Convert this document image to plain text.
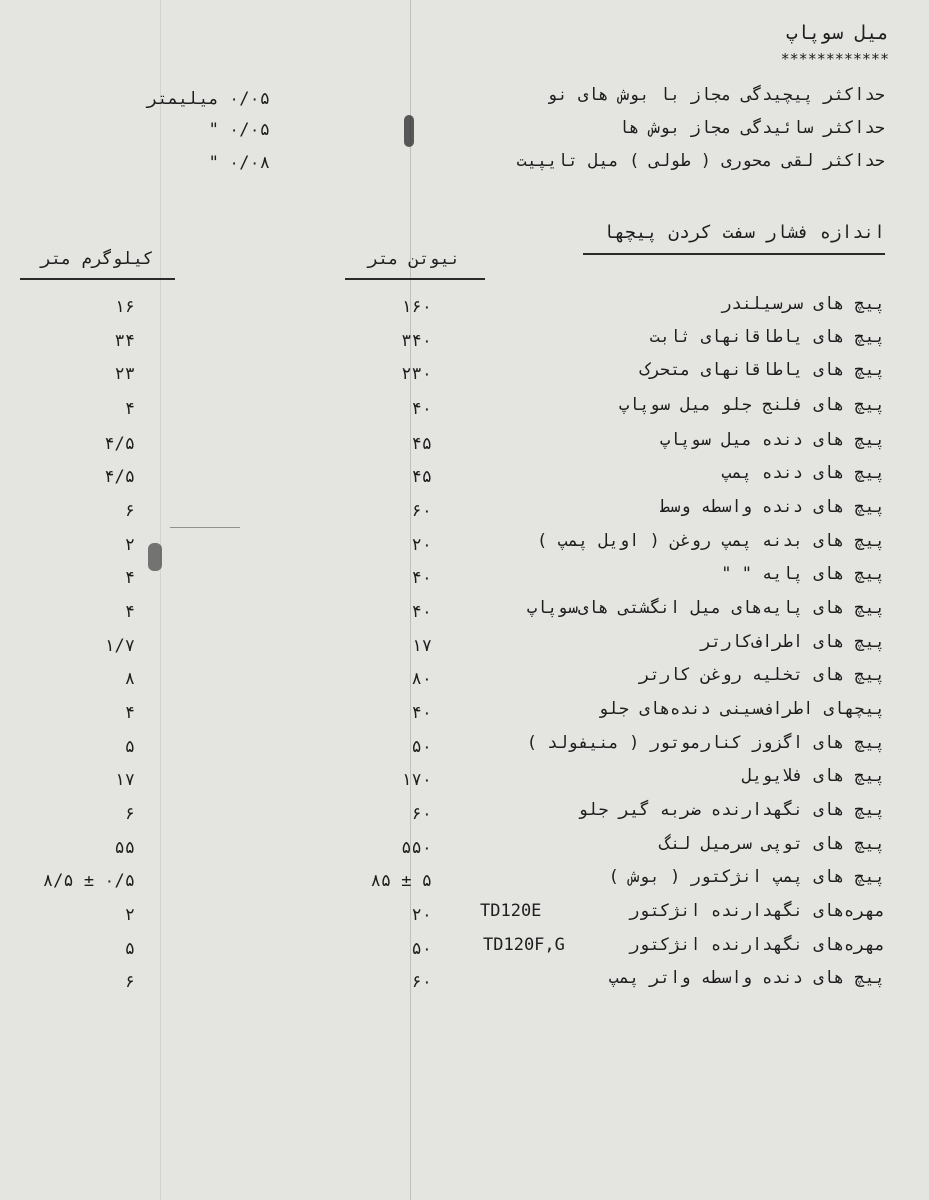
میل سوپاپ
************
حداکثر پیچیدگی مجاز با بوش های نو
۰/۰۵ میلیمتر
حداکثر سائیدگی مجاز بوش ها
۰/۰۵ "
حداکثر لقی محوری ( طولی ) میل تایپیت
۰/۰۸ "
اندازه فشار سفت کردن پیچها
نیوتن متر
کیلوگرم متر
پیچ های سرسیلندر
۱۶۰
۱۶
پیچ های یاطاقانهای ثابت
۳۴۰
۳۴
پیچ های یاطاقانهای متحرک
۲۳۰
۲۳
پیچ های فلنج جلو میل سوپاپ
۴۰
۴
پیچ های دنده میل سوپاپ
۴۵
۴/۵
پیچ های دنده پمپ
۴۵
۴/۵
پیچ های دنده واسطه وسط
۶۰
۶
پیچ های بدنه پمپ روغن ( اویل پمپ )
۲۰
۲
پیچ های پایه " "
۴۰
۴
پیچ های پایه‌های میل انگشتی های‌سوپاپ
۴۰
۴
پیچ های اطراف‌کارتر
۱۷
۱/۷
پیچ های تخلیه روغن کارتر
۸۰
۸
پیچهای اطراف‌سینی دنده‌های جلو
۴۰
۴
پیچ های اگزوز کنارموتور ( منیفولد )
۵۰
۵
پیچ های فلایویل
۱۷۰
۱۷
پیچ های نگهدارنده ضربه گیر جلو
۶۰
۶
پیچ های توپی سرمیل لنگ
۵۵۰
۵۵
پیچ های پمپ انژکتور ( بوش )
۸۵ ± ۵
۸/۵ ± ۰/۵
مهره‌های نگهدارنده انژکتور
TD120E
۲۰
۲
مهره‌های نگهدارنده انژکتور
TD120F,G
۵۰
۵
پیچ های دنده واسطه واتر پمپ
۶۰
۶
